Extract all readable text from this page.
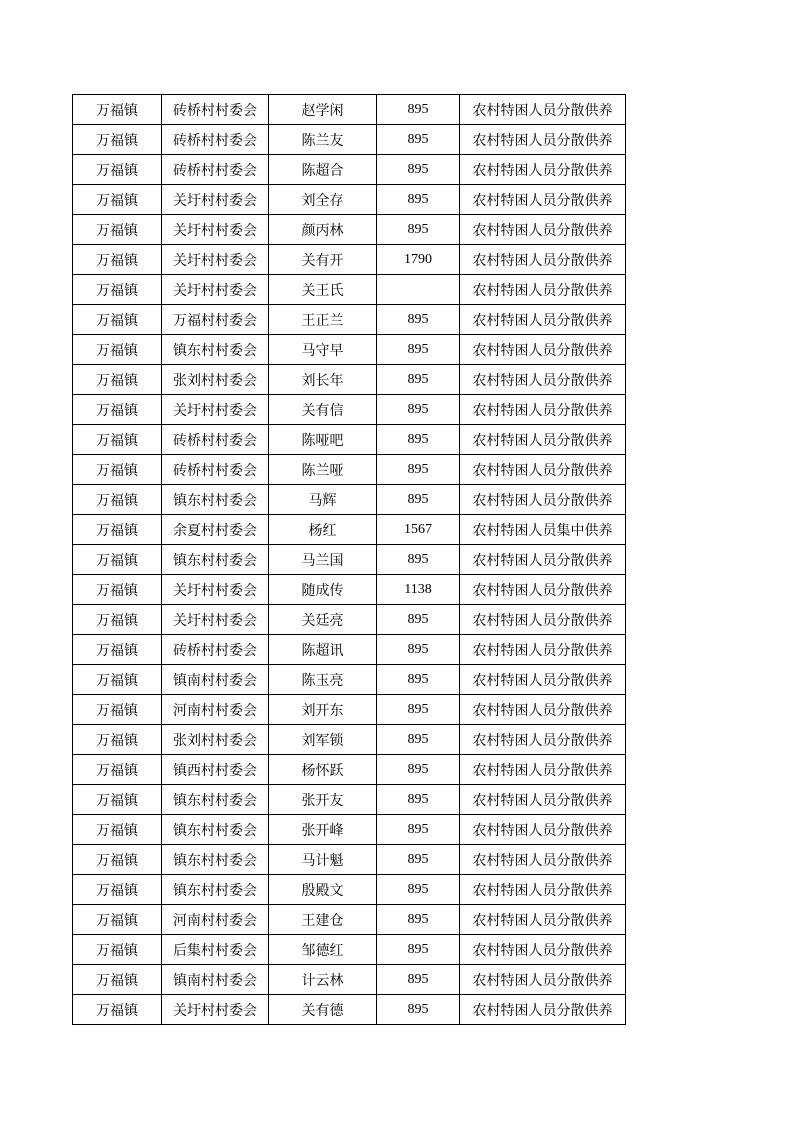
万福镇	砖桥村村委会	赵学闲	895	农村特困人员分散供养
万福镇	砖桥村村委会	陈兰友	895	农村特困人员分散供养
万福镇	砖桥村村委会	陈超合	895	农村特困人员分散供养
万福镇	关圩村村委会	刘全存	895	农村特困人员分散供养
万福镇	关圩村村委会	颜丙林	895	农村特困人员分散供养
万福镇	关圩村村委会	关有开	1790	农村特困人员分散供养
万福镇	关圩村村委会	关王氏		农村特困人员分散供养
万福镇	万福村村委会	王正兰	895	农村特困人员分散供养
万福镇	镇东村村委会	马守早	895	农村特困人员分散供养
万福镇	张刘村村委会	刘长年	895	农村特困人员分散供养
万福镇	关圩村村委会	关有信	895	农村特困人员分散供养
万福镇	砖桥村村委会	陈哑吧	895	农村特困人员分散供养
万福镇	砖桥村村委会	陈兰哑	895	农村特困人员分散供养
万福镇	镇东村村委会	马辉	895	农村特困人员分散供养
万福镇	余夏村村委会	杨红	1567	农村特困人员集中供养
万福镇	镇东村村委会	马兰国	895	农村特困人员分散供养
万福镇	关圩村村委会	随成传	1138	农村特困人员分散供养
万福镇	关圩村村委会	关廷亮	895	农村特困人员分散供养
万福镇	砖桥村村委会	陈超讯	895	农村特困人员分散供养
万福镇	镇南村村委会	陈玉亮	895	农村特困人员分散供养
万福镇	河南村村委会	刘开东	895	农村特困人员分散供养
万福镇	张刘村村委会	刘军锁	895	农村特困人员分散供养
万福镇	镇西村村委会	杨怀跃	895	农村特困人员分散供养
万福镇	镇东村村委会	张开友	895	农村特困人员分散供养
万福镇	镇东村村委会	张开峰	895	农村特困人员分散供养
万福镇	镇东村村委会	马计魁	895	农村特困人员分散供养
万福镇	镇东村村委会	殷殿文	895	农村特困人员分散供养
万福镇	河南村村委会	王建仓	895	农村特困人员分散供养
万福镇	后集村村委会	邹德红	895	农村特困人员分散供养
万福镇	镇南村村委会	计云林	895	农村特困人员分散供养
万福镇	关圩村村委会	关有德	895	农村特困人员分散供养
